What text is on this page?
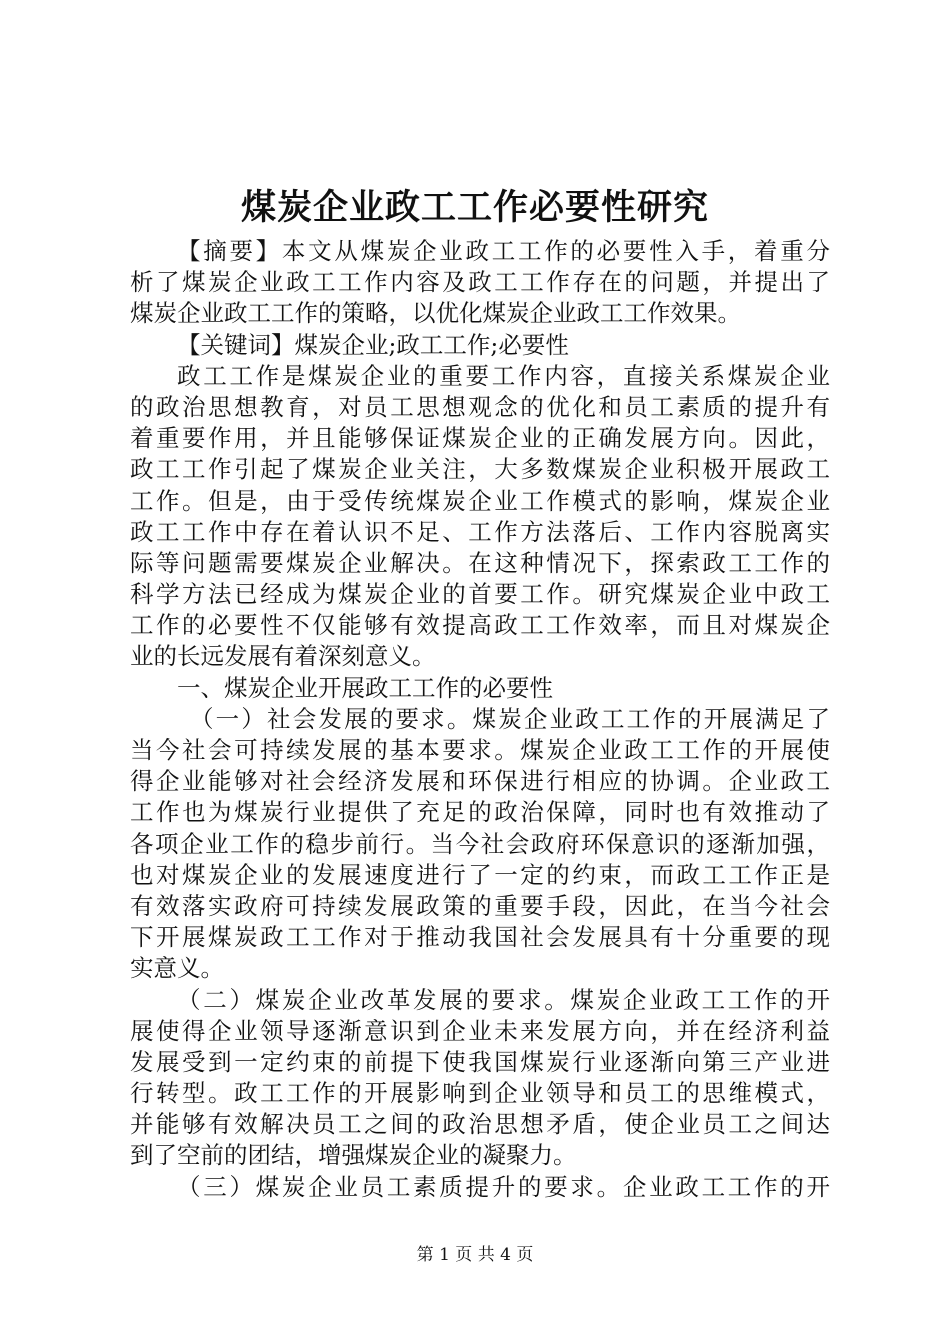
煤炭企业政工工作必要性研究
【摘要】本文从煤炭企业政工工作的必要性入手，着重分
析了煤炭企业政工工作内容及政工工作存在的问题，并提出了
煤炭企业政工工作的策略，以优化煤炭企业政工工作效果。
【关键词】煤炭企业;政工工作;必要性
政工工作是煤炭企业的重要工作内容，直接关系煤炭企业
的政治思想教育，对员工思想观念的优化和员工素质的提升有
着重要作用，并且能够保证煤炭企业的正确发展方向。因此，
政工工作引起了煤炭企业关注，大多数煤炭企业积极开展政工
工作。但是，由于受传统煤炭企业工作模式的影响，煤炭企业
政工工作中存在着认识不足、工作方法落后、工作内容脱离实
际等问题需要煤炭企业解决。在这种情况下，探索政工工作的
科学方法已经成为煤炭企业的首要工作。研究煤炭企业中政工
工作的必要性不仅能够有效提高政工工作效率，而且对煤炭企
业的长远发展有着深刻意义。
一、煤炭企业开展政工工作的必要性
（一）社会发展的要求。煤炭企业政工工作的开展满足了
当今社会可持续发展的基本要求。煤炭企业政工工作的开展使
得企业能够对社会经济发展和环保进行相应的协调。企业政工
工作也为煤炭行业提供了充足的政治保障，同时也有效推动了
各项企业工作的稳步前行。当今社会政府环保意识的逐渐加强，
也对煤炭企业的发展速度进行了一定的约束，而政工工作正是
有效落实政府可持续发展政策的重要手段，因此，在当今社会
下开展煤炭政工工作对于推动我国社会发展具有十分重要的现
实意义。
（二）煤炭企业改革发展的要求。煤炭企业政工工作的开
展使得企业领导逐渐意识到企业未来发展方向，并在经济利益
发展受到一定约束的前提下使我国煤炭行业逐渐向第三产业进
行转型。政工工作的开展影响到企业领导和员工的思维模式，
并能够有效解决员工之间的政治思想矛盾，使企业员工之间达
到了空前的团结，增强煤炭企业的凝聚力。
（三）煤炭企业员工素质提升的要求。企业政工工作的开
第 1 页 共 4 页
